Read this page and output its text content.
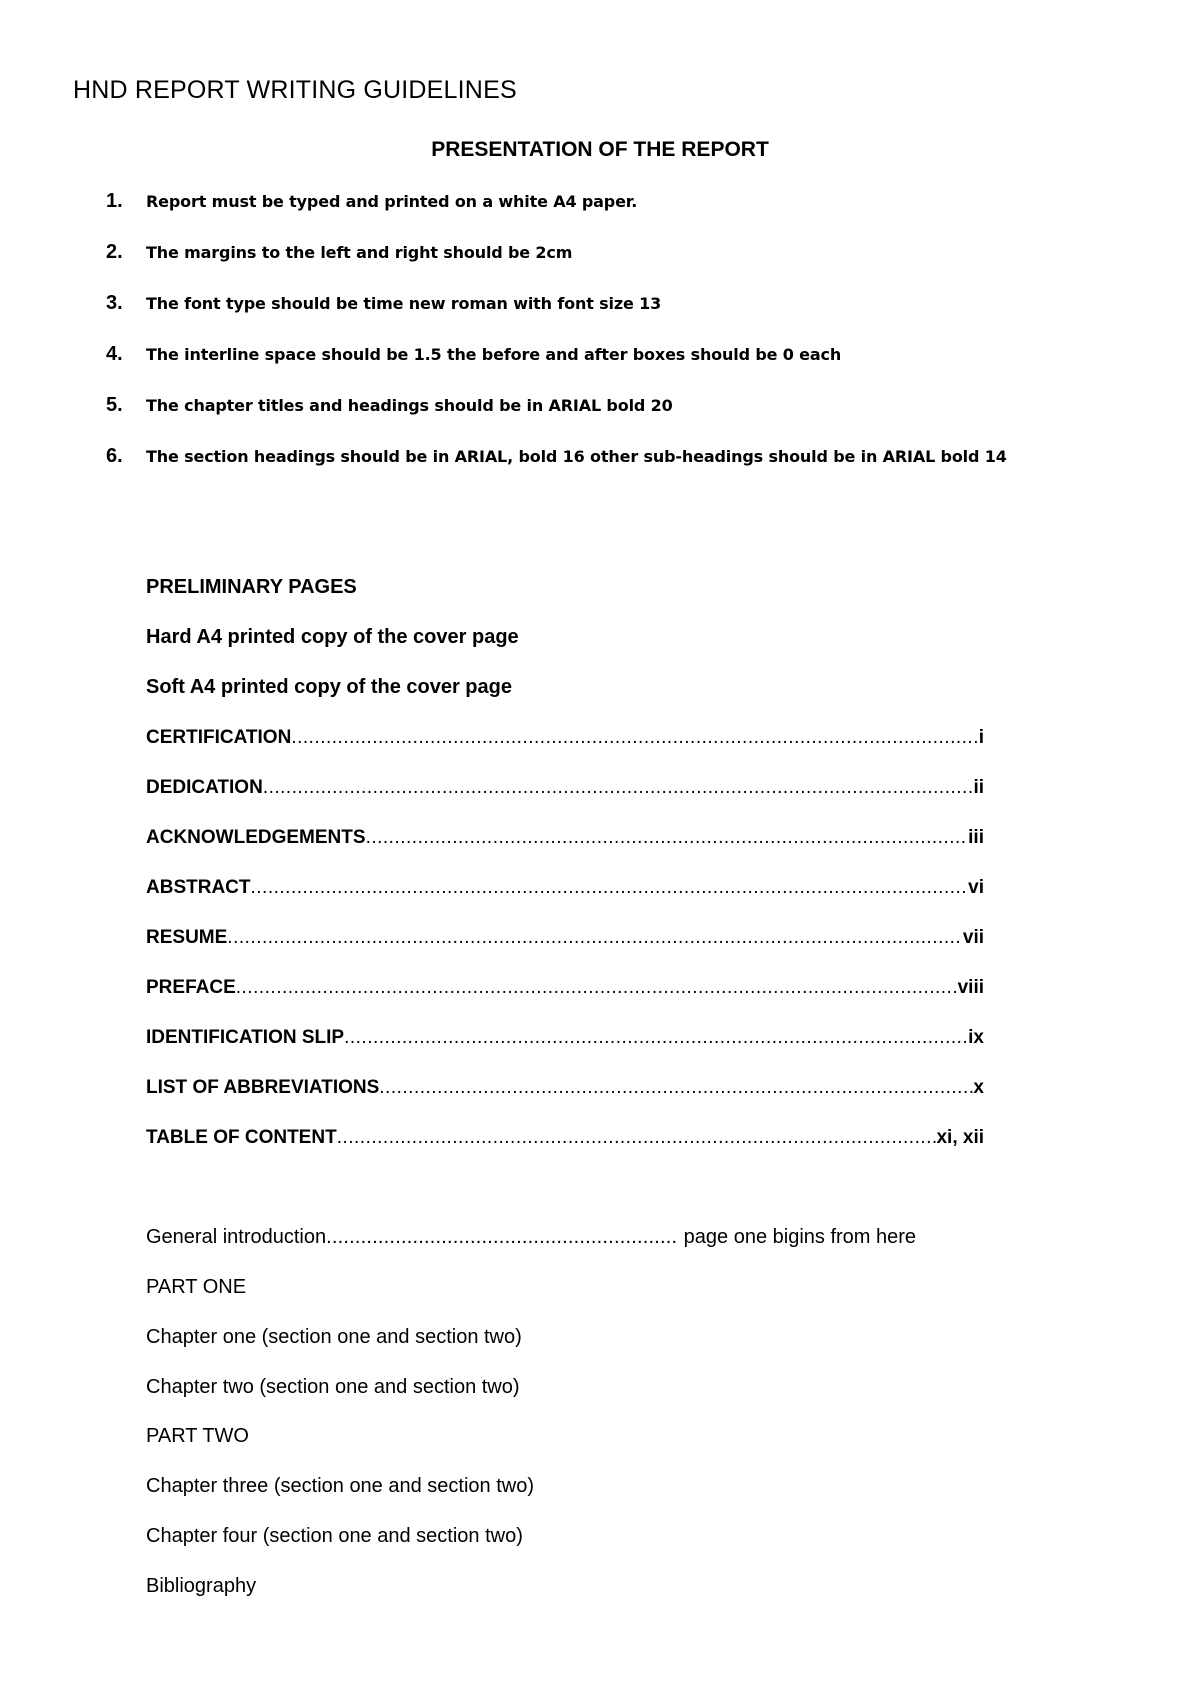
HND REPORT WRITING GUIDELINES
PRESENTATION OF THE REPORT
1.	Report must be typed and printed on a white A4 paper.
2.	The margins to the left and right should be 2cm
3.	The font type should be time new roman with font size 13
4.	The interline space should be 1.5 the before and after boxes should be 0 each
5.	The chapter titles and headings should be in ARIAL bold 20
6.	The section headings should be in ARIAL, bold 16 other sub-headings should be in ARIAL bold 14
PRELIMINARY PAGES
Hard A4 printed copy of the cover page
Soft A4 printed copy of the cover page
CERTIFICATION .....	i
DEDICATION .....	ii
ACKNOWLEDGEMENTS .....	iii
ABSTRACT .....	vi
RESUME .....	vii
PREFACE .....	viii
IDENTIFICATION SLIP .....	ix
LIST OF ABBREVIATIONS .....	x
TABLE OF CONTENT .....	xi, xii
General introduction .....	page one bigins from here
PART ONE
Chapter one (section one and section two)
Chapter two (section one and section two)
PART TWO
Chapter three (section one and section two)
Chapter four (section one and section two)
Bibliography
